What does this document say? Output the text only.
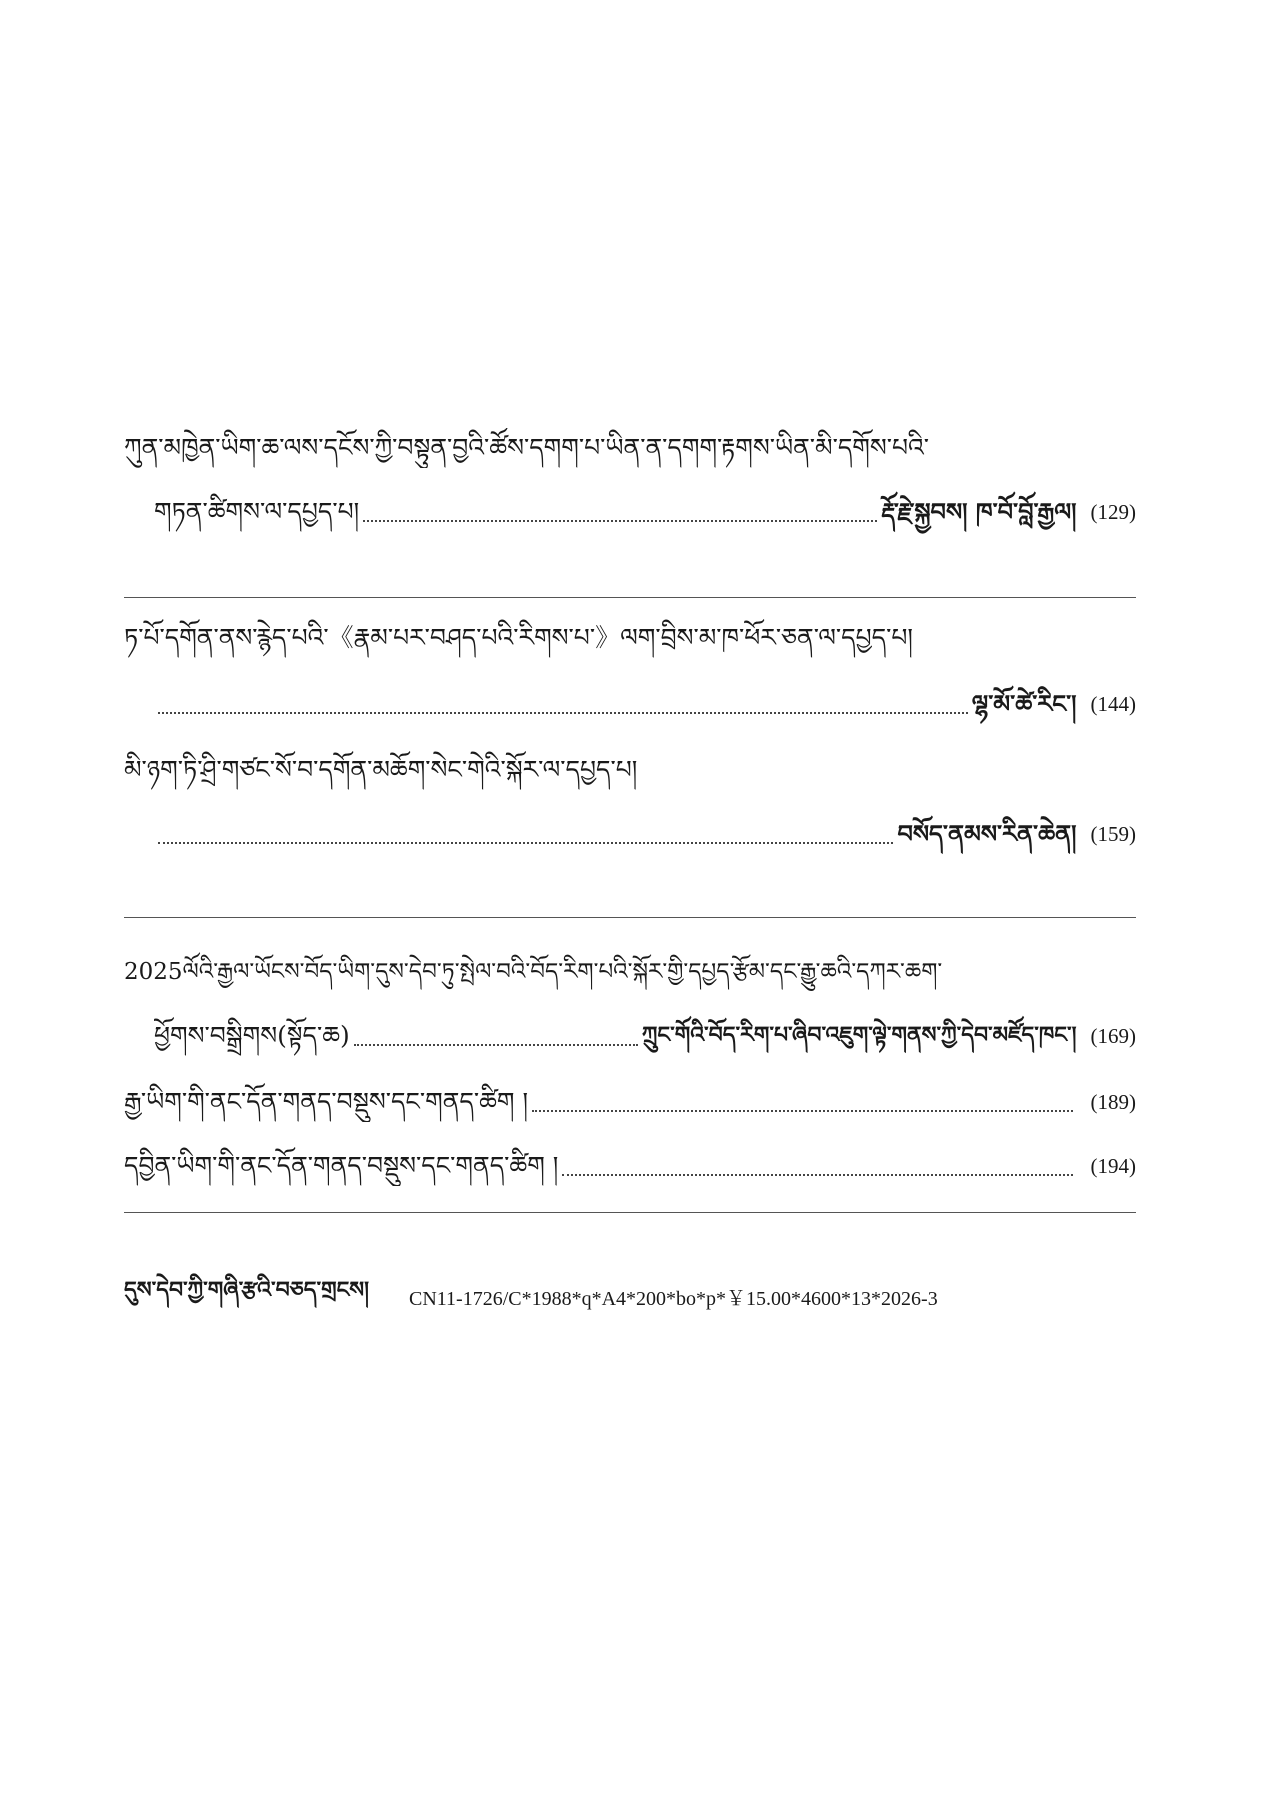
ཀུན་མཁྱེན་ཡིག་ཆ་ལས་དངོས་ཀྱི་བསྟུན་བྱའི་ཚོས་དགག་པ་ཡིན་ན་དགག་རྟགས་ཡིན་མི་དགོས་པའི་
གཏན་ཚིགས་ལ་དཔྱད་པ།	རྡོ་རྗེ་སྐྱབས། ཁ་བོ་བློ་རྒྱལ། (129)
ཏ་པོ་དགོན་ནས་རྙེད་པའི་《རྣམ་པར་བཤད་པའི་རིགས་པ་》ལག་བྲིས་མ་ཁ་ཕོར་ཅན་ལ་དཔྱད་པ།
ལྷ་མོ་ཚེ་རིང་། (144)
མི་ཉག་ཏི་ཤྲི་གཙང་སོ་བ་དགོན་མཆོག་སེང་གེའི་སྐོར་ལ་དཔྱད་པ།
བསོད་ནམས་རིན་ཆེན། (159)
2025ལོའི་རྒྱལ་ཡོངས་བོད་ཡིག་དུས་དེབ་ཏུ་སྤེལ་བའི་བོད་རིག་པའི་སྐོར་གྱི་དཔྱད་རྩོམ་དང་རྒྱུ་ཆའི་དཀར་ཆག་
ཕྱོགས་བསྒྲིགས(སྟོད་ཆ)	ཀྲུང་གོའི་བོད་རིག་པ་ཞིབ་འཇུག་ལྟེ་གནས་ཀྱི་དེབ་མཛོད་ཁང་། (169)
རྒྱ་ཡིག་གི་ནང་དོན་གནད་བསྡུས་དང་གནད་ཚིག །	(189)
དབྱིན་ཡིག་གི་ནང་དོན་གནད་བསྡུས་དང་གནད་ཚིག །	(194)
དུས་དེབ་ཀྱི་གཞི་རྩའི་བཅད་གྲངས། CN11-1726/C*1988*q*A4*200*bo*p*￥15.00*4600*13*2026-3
